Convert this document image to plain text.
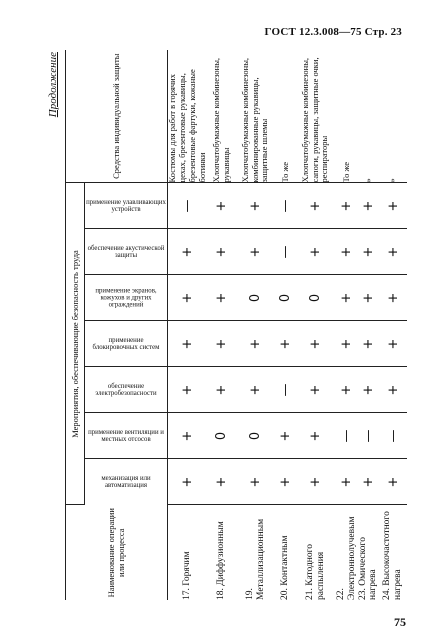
ГОСТ 12.3.008—75 Стр. 23
Продолжение
Наименование операции или процесса	Мероприятия, обеспечивающие безопасность труда							Средства индивидуальной защиты

	механизация или автоматизация	применение вентиляции и местных отсосов	обеспечение электробезопасности	применение блокировочных систем	применение экранов, кожухов и других ограждений	обеспечение акустической защиты	применение улавливающих устройств	

17. Горячим	+	+	+	+	+	+	—	Костюмы для работ в горячих цехах, брезентовые рукавицы, брезентовые фартуки, кожаные ботинки
18. Диффузионным	+	0	+	+	+	+	+	Хлопчатобумажные комбинезоны, рукавицы
19. Металлизационным	+	0	+	+	0	+	+	Хлопчатобумажные комбинезоны, комбинированные рукавицы, защитные шлемы
20. Контактным	+	+	—	+	0	—	—	То же
21. Катодного распыления	+	+	+	+	0	+	+	Хлопчатобумажные комбинезоны, сапоги, рукавицы, защитные очки, респираторы
22. Электроннолучевым	+	—	+	+	+	+	+	То же
23. Омического нагрева	+	—	+	+	+	+	+	»
24. Высокочастотного нагрева	+	—	+	+	+	+	+	»
75
